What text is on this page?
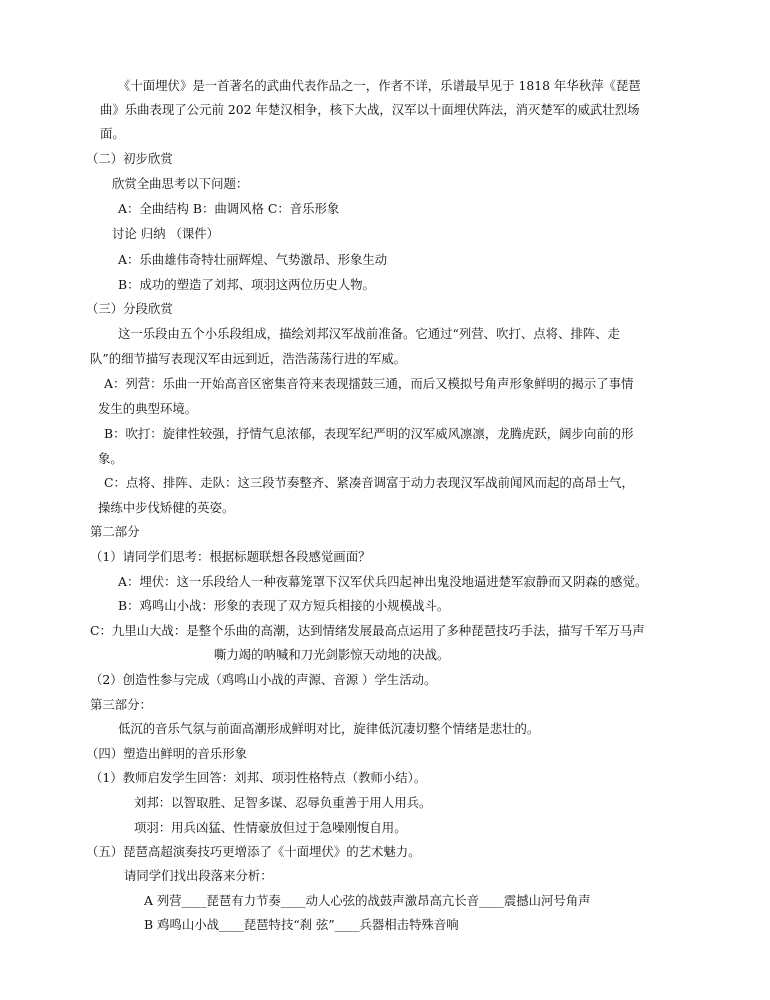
《十面埋伏》是一首著名的武曲代表作品之一，作者不详，乐谱最早见于 1818 年华秋萍《琵琶
曲》乐曲表现了公元前 202 年楚汉相争，核下大战，汉军以十面埋伏阵法，消灭楚军的威武壮烈场
面。
（二）初步欣赏
欣赏全曲思考以下问题：
A：全曲结构 B：曲调风格 C：音乐形象
讨论 归纳 （课件）
A：乐曲雄伟奇特壮丽辉煌、气势激昂、形象生动
B：成功的塑造了刘邦、项羽这两位历史人物。
（三）分段欣赏
这一乐段由五个小乐段组成，描绘刘邦汉军战前准备。它通过“列营、吹打、点将、排阵、走
队”的细节描写表现汉军由远到近，浩浩荡荡行进的军威。
A：列营：乐曲一开始高音区密集音符来表现擂鼓三通，而后又模拟号角声形象鲜明的揭示了事情
发生的典型环境。
B：吹打：旋律性较强，抒情气息浓郁，表现军纪严明的汉军威风凛凛，龙腾虎跃，阔步向前的形
象。
C：点将、排阵、走队：这三段节奏整齐、紧凑音调富于动力表现汉军战前闻风而起的高昂士气，
操练中步伐矫健的英姿。
第二部分
（1）请同学们思考：根据标题联想各段感觉画面？
A：埋伏：这一乐段给人一种夜幕笼罩下汉军伏兵四起神出鬼没地逼进楚军寂静而又阴森的感觉。
B：鸡鸣山小战：形象的表现了双方短兵相接的小规模战斗。
C：九里山大战：是整个乐曲的高潮，达到情绪发展最高点运用了多种琵琶技巧手法，描写千军万马声
嘶力竭的呐喊和刀光剑影惊天动地的决战。
（2）创造性参与完成（鸡鸣山小战的声源、音源 ）学生活动。
第三部分：
低沉的音乐气氛与前面高潮形成鲜明对比，旋律低沉凄切整个情绪是悲壮的。
（四）塑造出鲜明的音乐形象
（1）教师启发学生回答：刘邦、项羽性格特点（教师小结）。
刘邦：以智取胜、足智多谋、忍辱负重善于用人用兵。
项羽：用兵凶猛、性情豪放但过于急噪刚愎自用。
（五）琵琶高超演奏技巧更增添了《十面埋伏》的艺术魅力。
请同学们找出段落来分析：
A 列营____琵琶有力节奏____动人心弦的战鼓声激昂高亢长音____震撼山河号角声
B 鸡鸣山小战____琵琶特技“刹 弦”____兵器相击特殊音响
